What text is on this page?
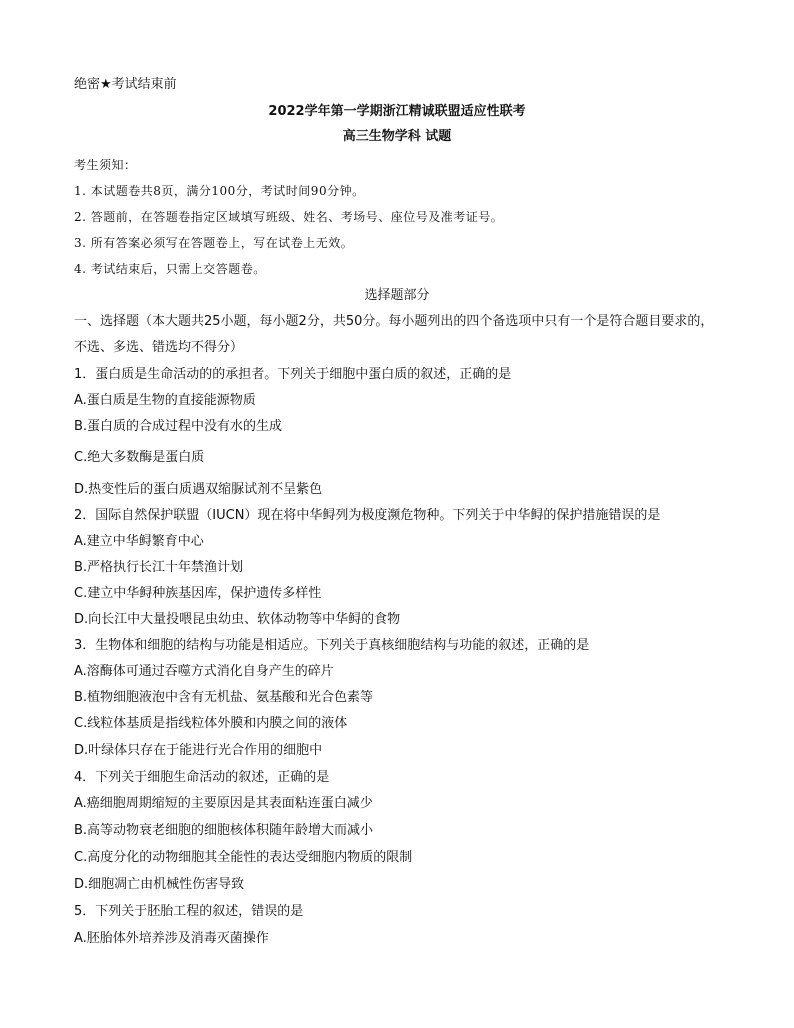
绝密★考试结束前
2022学年第一学期浙江精诚联盟适应性联考
高三生物学科 试题
考生须知：
1. 本试题卷共8页，满分100分，考试时间90分钟。
2. 答题前，在答题卷指定区域填写班级、姓名、考场号、座位号及准考证号。
3. 所有答案必须写在答题卷上，写在试卷上无效。
4. 考试结束后，只需上交答题卷。
选择题部分
一、选择题（本大题共25小题，每小题2分，共50分。每小题列出的四个备选项中只有一个是符合题目要求的，
不选、多选、错选均不得分）
1．蛋白质是生命活动的的承担者。下列关于细胞中蛋白质的叙述，正确的是
A.蛋白质是生物的直接能源物质
B.蛋白质的合成过程中没有水的生成
C.绝大多数酶是蛋白质
D.热变性后的蛋白质遇双缩脲试剂不呈紫色
2．国际自然保护联盟（IUCN）现在将中华鲟列为极度濒危物种。下列关于中华鲟的保护措施错误的是
A.建立中华鲟繁育中心
B.严格执行长江十年禁渔计划
C.建立中华鲟种族基因库，保护遗传多样性
D.向长江中大量投喂昆虫幼虫、软体动物等中华鲟的食物
3．生物体和细胞的结构与功能是相适应。下列关于真核细胞结构与功能的叙述，正确的是
A.溶酶体可通过吞噬方式消化自身产生的碎片
B.植物细胞液泡中含有无机盐、氨基酸和光合色素等
C.线粒体基质是指线粒体外膜和内膜之间的液体
D.叶绿体只存在于能进行光合作用的细胞中
4．下列关于细胞生命活动的叙述，正确的是
A.癌细胞周期缩短的主要原因是其表面粘连蛋白减少
B.高等动物衰老细胞的细胞核体积随年龄增大而减小
C.高度分化的动物细胞其全能性的表达受细胞内物质的限制
D.细胞凋亡由机械性伤害导致
5．下列关于胚胎工程的叙述，错误的是
A.胚胎体外培养涉及消毒灭菌操作
